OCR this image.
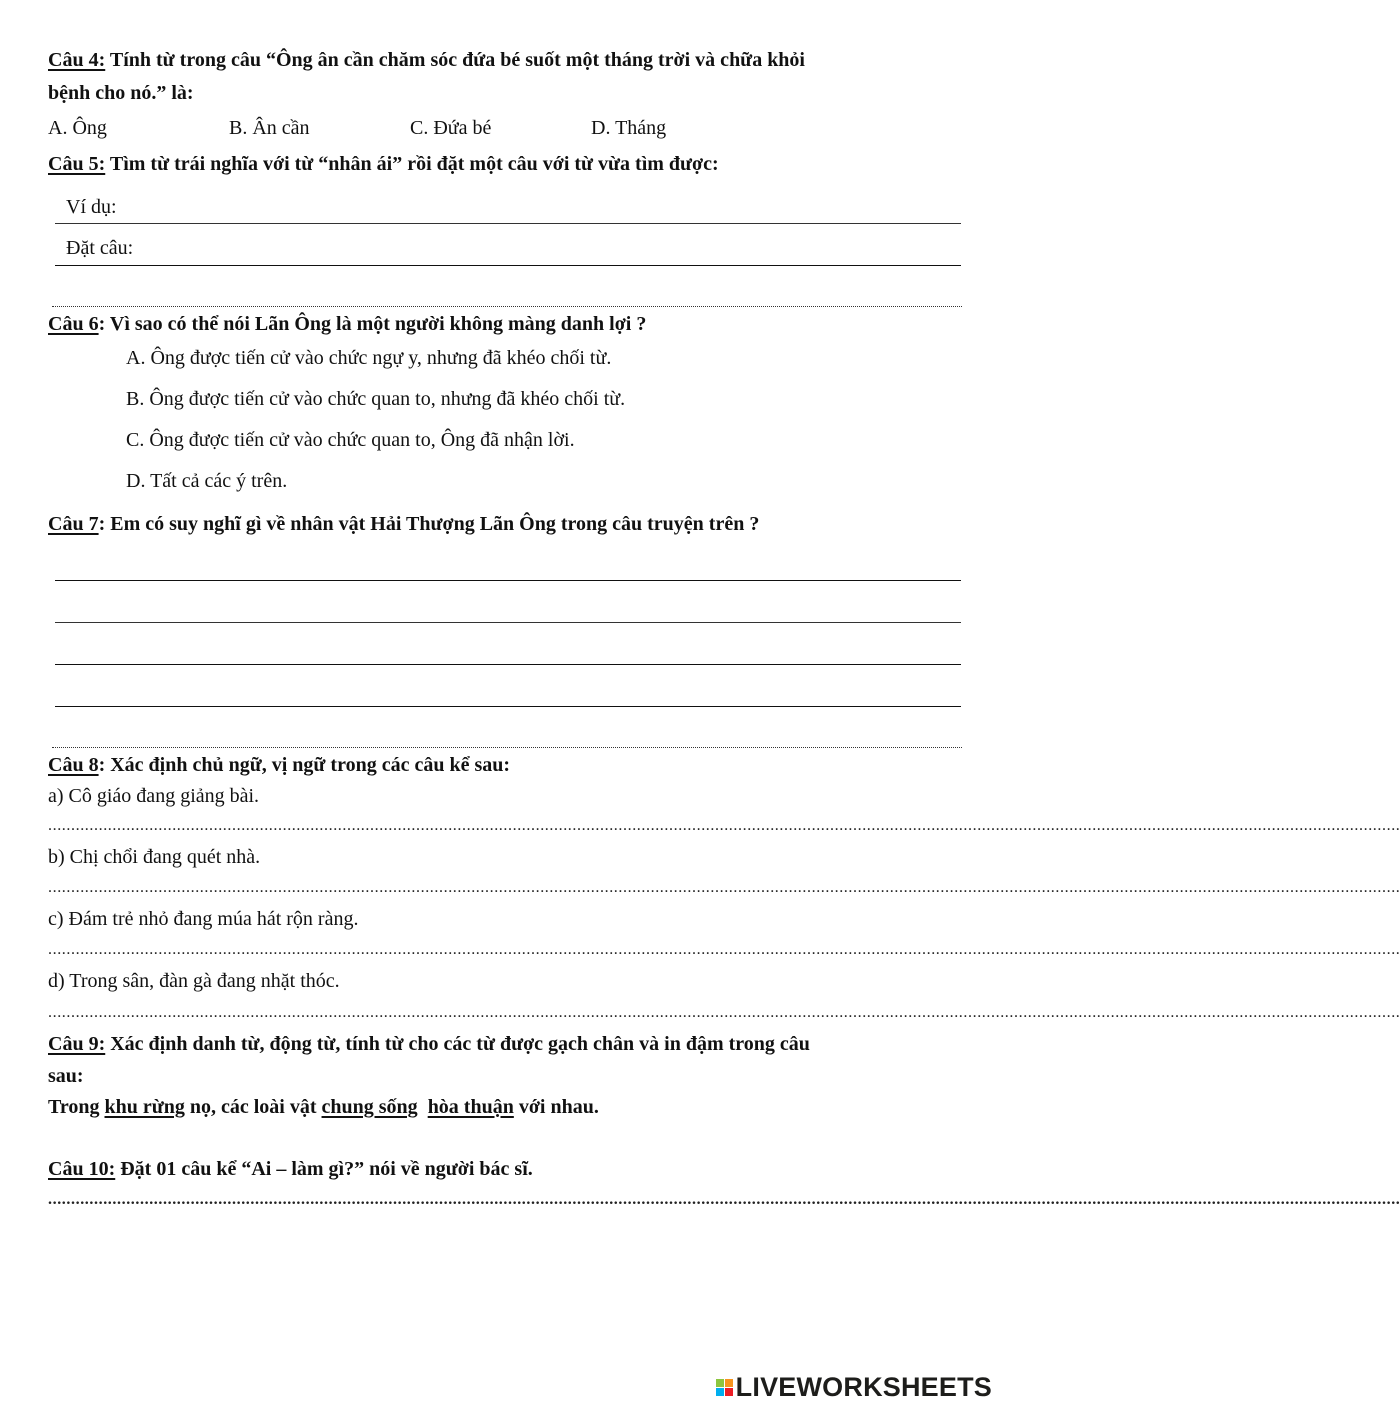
Câu 4: Tính từ trong câu “Ông ân cần chăm sóc đứa bé suốt một tháng trời và chữa khỏi
bệnh cho nó.” là:
A. Ông	B. Ân cần	C. Đứa bé	D. Tháng
Câu 5: Tìm từ trái nghĩa với từ “nhân ái” rồi đặt một câu với từ vừa tìm được:
Ví dụ:
Đặt câu:
Câu 6: Vì sao có thể nói Lãn Ông là một người không màng danh lợi ?
A. Ông được tiến cử vào chức ngự y, nhưng đã khéo chối từ.
B. Ông được tiến cử vào chức quan to, nhưng đã khéo chối từ.
C. Ông được tiến cử vào chức quan to, Ông đã nhận lời.
D. Tất cả các ý trên.
Câu 7: Em có suy nghĩ gì về nhân vật Hải Thượng Lãn Ông trong câu truyện trên ?
Câu 8: Xác định chủ ngữ, vị ngữ trong các câu kể sau:
a) Cô giáo đang giảng bài.
......................................................................................................................................................................................................................................................................................................
b) Chị chổi đang quét nhà.
......................................................................................................................................................................................................................................................................................................
c) Đám trẻ nhỏ đang múa hát rộn ràng.
......................................................................................................................................................................................................................................................................................................
d) Trong sân, đàn gà đang nhặt thóc.
......................................................................................................................................................................................................................................................................................................
Câu 9: Xác định danh từ, động từ, tính từ cho các từ được gạch chân và in đậm trong câu
sau:
Trong khu rừng nọ, các loài vật chung sống hòa thuận với nhau.
Câu 10: Đặt 01 câu kể “Ai – làm gì?” nói về người bác sĩ.
......................................................................................................................................................................................................................................................................................................
LIVEWORKSHEETS
